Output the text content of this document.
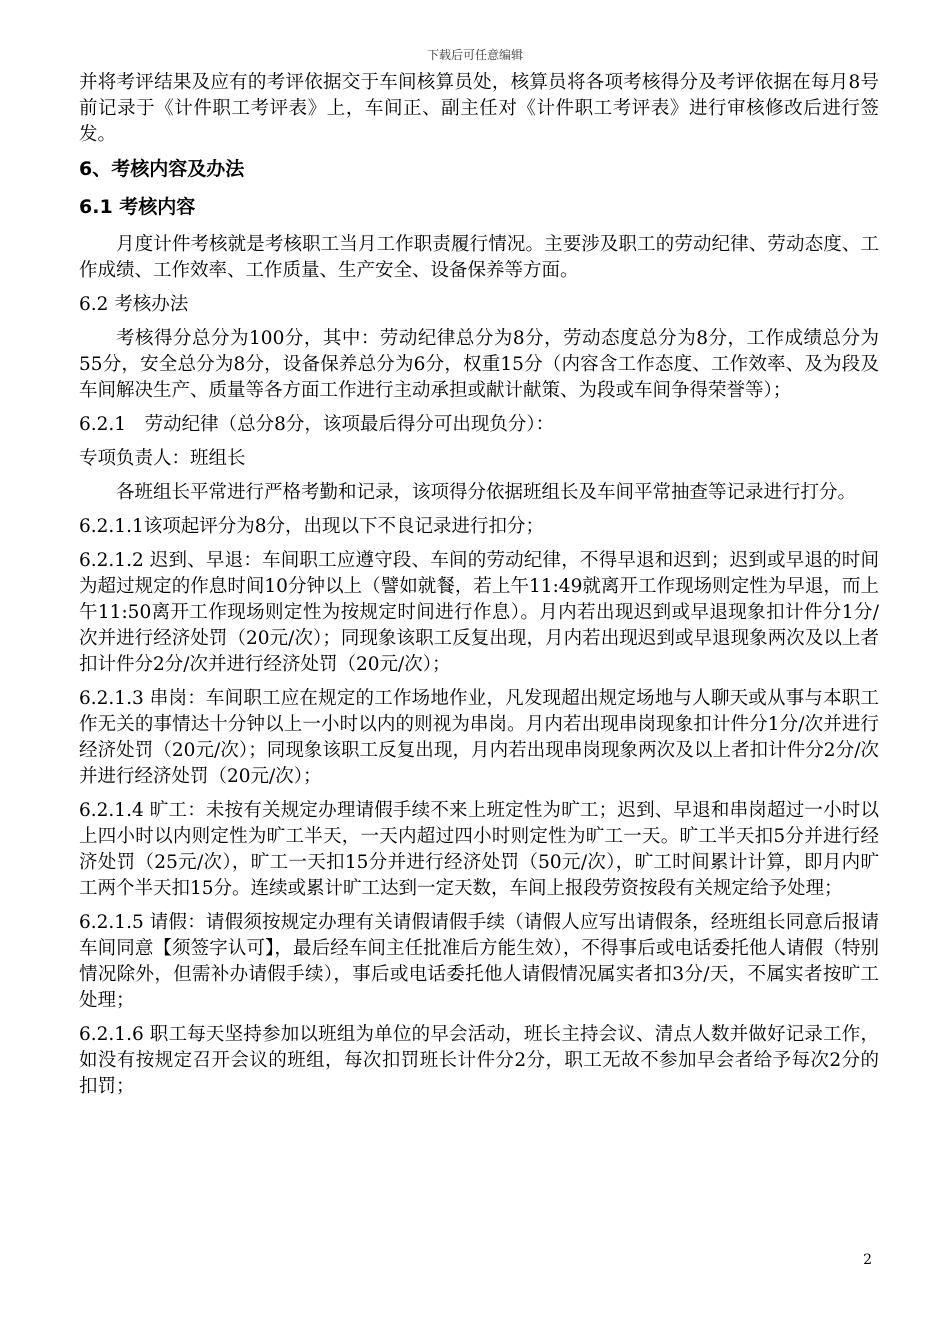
下载后可任意编辑

并将考评结果及应有的考评依据交于车间核算员处，核算员将各项考核得分及考评依据在每月8号前记录于《计件职工考评表》上，车间正、副主任对《计件职工考评表》进行审核修改后进行签发。

6、考核内容及办法
6.1 考核内容

月度计件考核就是考核职工当月工作职责履行情况。主要涉及职工的劳动纪律、劳动态度、工作成绩、工作效率、工作质量、生产安全、设备保养等方面。

6.2 考核办法

考核得分总分为100分，其中：劳动纪律总分为8分，劳动态度总分为8分，工作成绩总分为55分，安全总分为8分，设备保养总分为6分，权重15分（内容含工作态度、工作效率、及为段及车间解决生产、质量等各方面工作进行主动承担或献计献策、为段或车间争得荣誉等）；

6.2.1　劳动纪律（总分8分，该项最后得分可出现负分）：

专项负责人：班组长

各班组长平常进行严格考勤和记录，该项得分依据班组长及车间平常抽查等记录进行打分。

6.2.1.1该项起评分为8分，出现以下不良记录进行扣分；

6.2.1.2 迟到、早退：车间职工应遵守段、车间的劳动纪律，不得早退和迟到；迟到或早退的时间为超过规定的作息时间10分钟以上（譬如就餐，若上午11:49就离开工作现场则定性为早退，而上午11:50离开工作现场则定性为按规定时间进行作息）。月内若出现迟到或早退现象扣计件分1分/次并进行经济处罚（20元/次）；同现象该职工反复出现，月内若出现迟到或早退现象两次及以上者扣计件分2分/次并进行经济处罚（20元/次）；

6.2.1.3 串岗：车间职工应在规定的工作场地作业，凡发现超出规定场地与人聊天或从事与本职工作无关的事情达十分钟以上一小时以内的则视为串岗。月内若出现串岗现象扣计件分1分/次并进行经济处罚（20元/次）；同现象该职工反复出现，月内若出现串岗现象两次及以上者扣计件分2分/次并进行经济处罚（20元/次）；

6.2.1.4 旷工：未按有关规定办理请假手续不来上班定性为旷工；迟到、早退和串岗超过一小时以上四小时以内则定性为旷工半天，一天内超过四小时则定性为旷工一天。旷工半天扣5分并进行经济处罚（25元/次），旷工一天扣15分并进行经济处罚（50元/次），旷工时间累计计算，即月内旷工两个半天扣15分。连续或累计旷工达到一定天数，车间上报段劳资按段有关规定给予处理；

6.2.1.5 请假：请假须按规定办理有关请假请假手续（请假人应写出请假条，经班组长同意后报请车间同意【须签字认可】，最后经车间主任批准后方能生效），不得事后或电话委托他人请假（特别情况除外，但需补办请假手续），事后或电话委托他人请假情况属实者扣3分/天，不属实者按旷工处理；

6.2.1.6 职工每天坚持参加以班组为单位的早会活动，班长主持会议、清点人数并做好记录工作，如没有按规定召开会议的班组，每次扣罚班长计件分2分，职工无故不参加早会者给予每次2分的扣罚；

2
